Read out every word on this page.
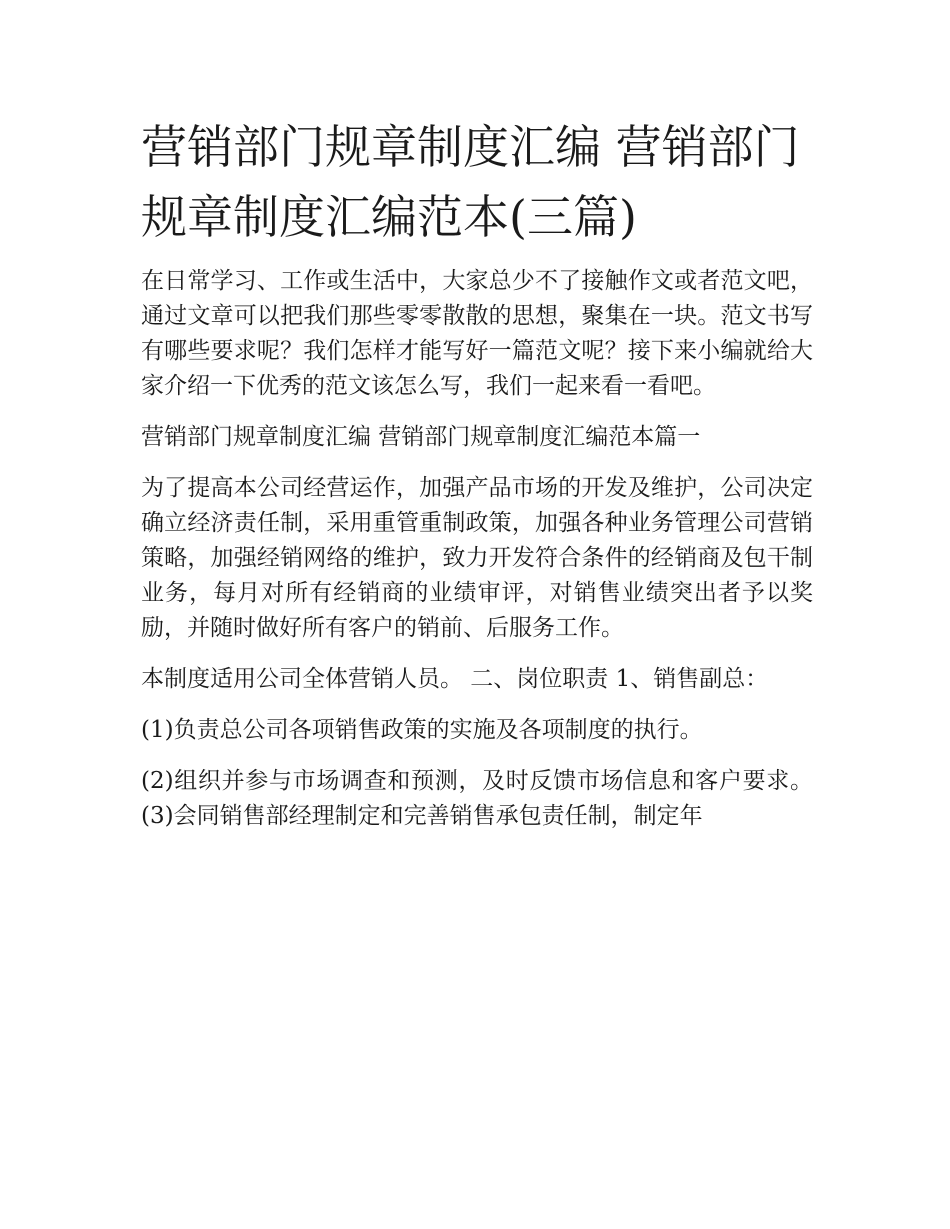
营销部门规章制度汇编 营销部门规章制度汇编范本(三篇)

在日常学习、工作或生活中，大家总少不了接触作文或者范文吧，通过文章可以把我们那些零零散散的思想，聚集在一块。范文书写有哪些要求呢？我们怎样才能写好一篇范文呢？接下来小编就给大家介绍一下优秀的范文该怎么写，我们一起来看一看吧。

营销部门规章制度汇编 营销部门规章制度汇编范本篇一

为了提高本公司经营运作，加强产品市场的开发及维护，公司决定确立经济责任制，采用重管重制政策，加强各种业务管理公司营销策略，加强经销网络的维护，致力开发符合条件的经销商及包干制业务，每月对所有经销商的业绩审评，对销售业绩突出者予以奖励，并随时做好所有客户的销前、后服务工作。

本制度适用公司全体营销人员。 二、岗位职责 1、销售副总：

(1)负责总公司各项销售政策的实施及各项制度的执行。

(2)组织并参与市场调查和预测，及时反馈市场信息和客户要求。 (3)会同销售部经理制定和完善销售承包责任制，制定年
